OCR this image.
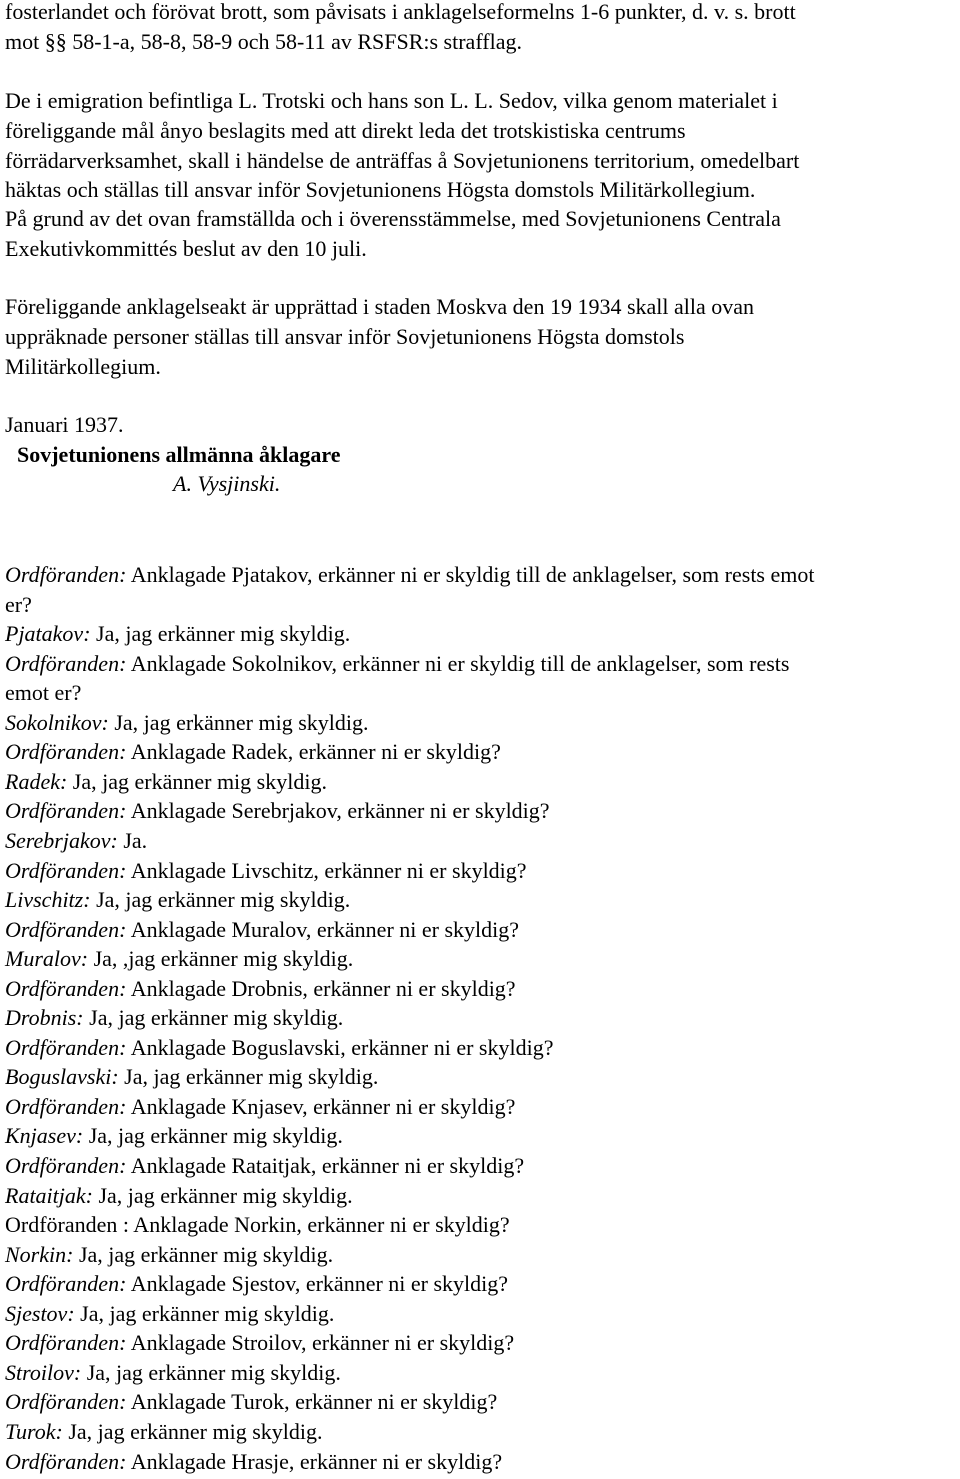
fosterlandet och förövat brott, som påvisats i anklagelseformelns 1-6 punkter, d. v. s. brott
mot §§ 58-1-a, 58-8, 58-9 och 58-11 av RSFSR:s strafflag.
De i emigration befintliga L. Trotski och hans son L. L. Sedov, vilka genom materialet i
föreliggande mål ånyo beslagits med att direkt leda det trotskistiska centrums
förrädarverksamhet, skall i händelse de anträffas å Sovjetunionens territorium, omedelbart
häktas och ställas till ansvar inför Sovjetunionens Högsta domstols Militärkollegium.
På grund av det ovan framställda och i överensstämmelse, med Sovjetunionens Centrala
Exekutivkommittés beslut av den 10 juli.
Föreliggande anklagelseakt är upprättad i staden Moskva den 19 1934 skall alla ovan
uppräknade personer ställas till ansvar inför Sovjetunionens Högsta domstols
Militärkollegium.
Januari 1937.
Sovjetunionens allmänna åklagare
A. Vysjinski.
Ordföranden: Anklagade Pjatakov, erkänner ni er skyldig till de anklagelser, som rests emot
er?
Pjatakov: Ja, jag erkänner mig skyldig.
Ordföranden: Anklagade Sokolnikov, erkänner ni er skyldig till de anklagelser, som rests
emot er?
Sokolnikov: Ja, jag erkänner mig skyldig.
Ordföranden: Anklagade Radek, erkänner ni er skyldig?
Radek: Ja, jag erkänner mig skyldig.
Ordföranden: Anklagade Serebrjakov, erkänner ni er skyldig?
Serebrjakov: Ja.
Ordföranden: Anklagade Livschitz, erkänner ni er skyldig?
Livschitz: Ja, jag erkänner mig skyldig.
Ordföranden: Anklagade Muralov, erkänner ni er skyldig?
Muralov: Ja, ,jag erkänner mig skyldig.
Ordföranden: Anklagade Drobnis, erkänner ni er skyldig?
Drobnis: Ja, jag erkänner mig skyldig.
Ordföranden: Anklagade Boguslavski, erkänner ni er skyldig?
Boguslavski: Ja, jag erkänner mig skyldig.
Ordföranden: Anklagade Knjasev, erkänner ni er skyldig?
Knjasev: Ja, jag erkänner mig skyldig.
Ordföranden: Anklagade Rataitjak, erkänner ni er skyldig?
Rataitjak: Ja, jag erkänner mig skyldig.
Ordföranden : Anklagade Norkin, erkänner ni er skyldig?
Norkin: Ja, jag erkänner mig skyldig.
Ordföranden: Anklagade Sjestov, erkänner ni er skyldig?
Sjestov: Ja, jag erkänner mig skyldig.
Ordföranden: Anklagade Stroilov, erkänner ni er skyldig?
Stroilov: Ja, jag erkänner mig skyldig.
Ordföranden: Anklagade Turok, erkänner ni er skyldig?
Turok: Ja, jag erkänner mig skyldig.
Ordföranden: Anklagade Hrasje, erkänner ni er skyldig?
